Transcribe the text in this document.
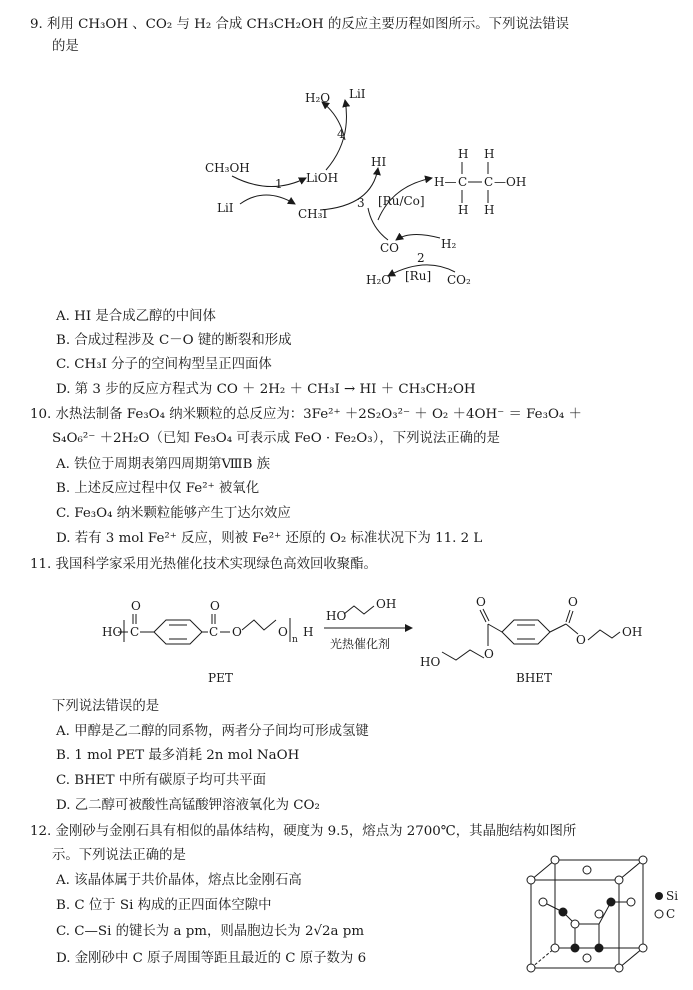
9. 利用 CH₃OH 、CO₂ 与 H₂ 合成 CH₃CH₂OH 的反应主要历程如图所示。下列说法错误
的是
H₂O LiI
4
CH₃OH
1 LiOH
LiI	CH₃I
HI
3 [Ru/Co]
CO	H₂
2
[Ru]
H₂O	CO₂
H H
H— C C —OH
H H
A. HI 是合成乙醇的中间体
B. 合成过程涉及 C－O 键的断裂和形成
C. CH₃I 分子的空间构型呈正四面体
D. 第 3 步的反应方程式为 CO ＋ 2H₂ ＋ CH₃I → HI ＋ CH₃CH₂OH
10. 水热法制备 Fe₃O₄ 纳米颗粒的总反应为：3Fe²⁺ ＋2S₂O₃²⁻ ＋ O₂ ＋4OH⁻ ＝ Fe₃O₄ ＋
S₄O₆²⁻ ＋2H₂O（已知 Fe₃O₄ 可表示成 FeO · Fe₂O₃），下列说法正确的是
A. 铁位于周期表第四周期第ⅧB 族
B. 上述反应过程中仅 Fe²⁺ 被氧化
C. Fe₃O₄ 纳米颗粒能够产生丁达尔效应
D. 若有 3 mol Fe²⁺ 反应，则被 Fe²⁺ 还原的 O₂ 标准状况下为 11. 2 L
11. 我国科学家采用光热催化技术实现绿色高效回收聚酯。
HO C
O
C
O
O	O
n
H
HO
OH
光热催化剂
O	O
O
O
OH
HO
PET	BHET
下列说法错误的是
A. 甲醇是乙二醇的同系物，两者分子间均可形成氢键
B. 1 mol PET 最多消耗 2n mol NaOH
C. BHET 中所有碳原子均可共平面
D. 乙二醇可被酸性高锰酸钾溶液氧化为 CO₂
12. 金刚砂与金刚石具有相似的晶体结构，硬度为 9.5，熔点为 2700℃，其晶胞结构如图所
示。下列说法正确的是
A. 该晶体属于共价晶体，熔点比金刚石高
B. C 位于 Si 构成的正四面体空隙中
C. C—Si 的键长为 a pm，则晶胞边长为 2√2a pm
D. 金刚砂中 C 原子周围等距且最近的 C 原子数为 6
Si
C
